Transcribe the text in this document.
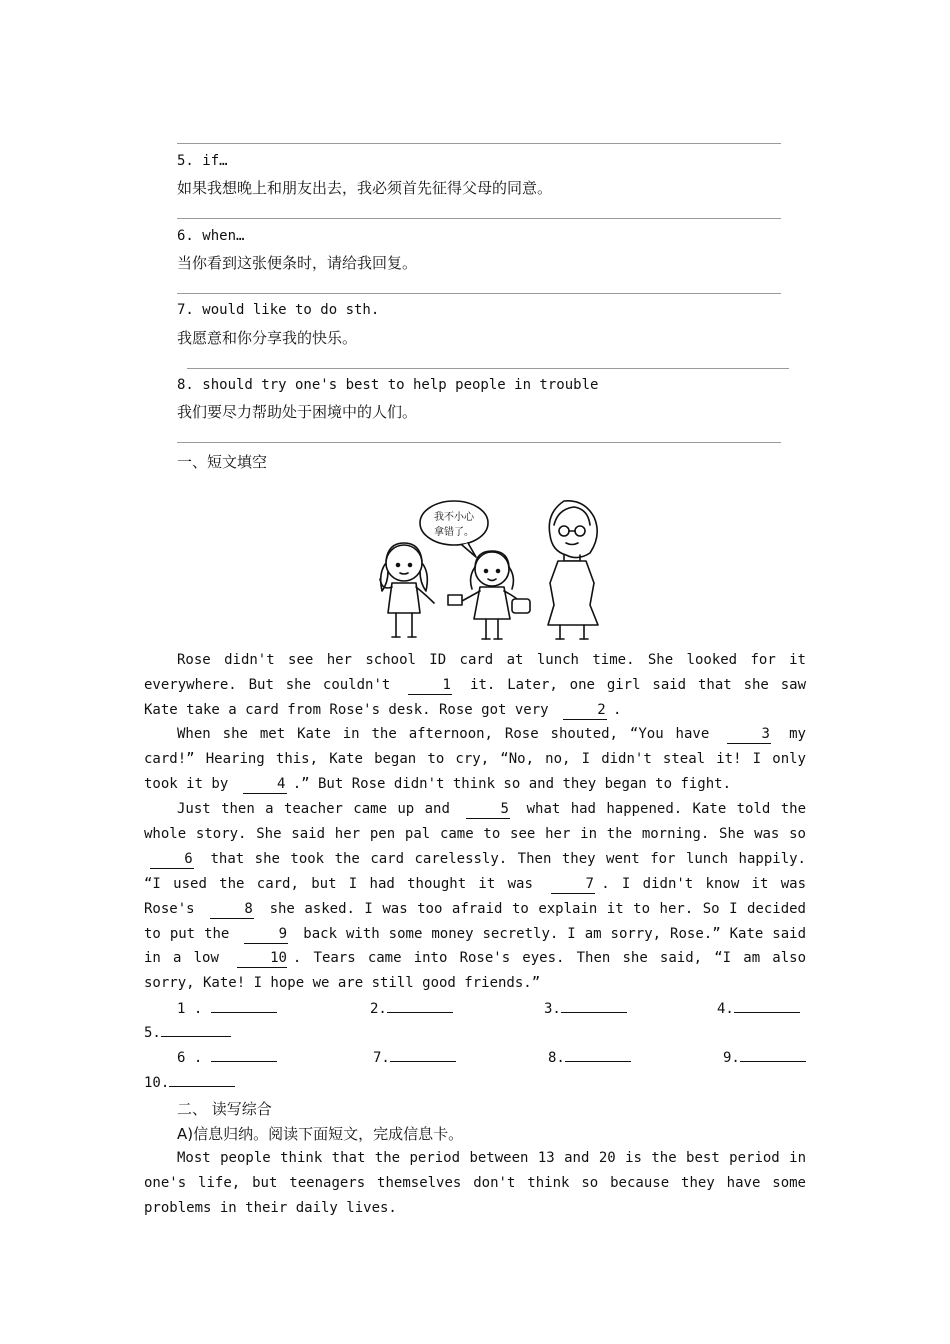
5. if…
如果我想晚上和朋友出去，我必须首先征得父母的同意。
6. when…
当你看到这张便条时，请给我回复。
7. would like to do sth.
我愿意和你分享我的快乐。
8. should try one's best to help people in trouble
我们要尽力帮助处于困境中的人们。
一、短文填空
我不小心
拿错了。
Rose didn't see her school ID card at lunch time. She looked for it everywhere. But she couldn't	1 it. Later, one girl said that she saw Kate take a card from Rose's desk. Rose got very	2 .
When she met Kate in the afternoon, Rose shouted, “You have	3 my card!” Hearing this, Kate began to cry, “No, no, I didn't steal it! I only took it by	4 .” But Rose didn't think so and they began to fight.
Just then a teacher came up and	5 what had happened. Kate told the whole story. She said her pen pal came to see her in the morning. She was so 6 that she took the card carelessly. Then they went for lunch happily. “I used the card, but I had thought it was	7 . I didn't know it was Rose's	8 she asked. I was too afraid to explain it to her. So I decided to put the	9 back with some money secretly. I am sorry, Rose.” Kate said in a low	10 . Tears came into Rose's eyes. Then she said, “I am also sorry, Kate! I hope we are still good friends.”
1 .	2.	3.	4.
5.
6 .	7.	8.	9.
10.
二、 读写综合
A)信息归纳。阅读下面短文，完成信息卡。
Most people think that the period between 13 and 20 is the best period in one's life, but teenagers themselves don't think so because they have some problems in their daily lives.
